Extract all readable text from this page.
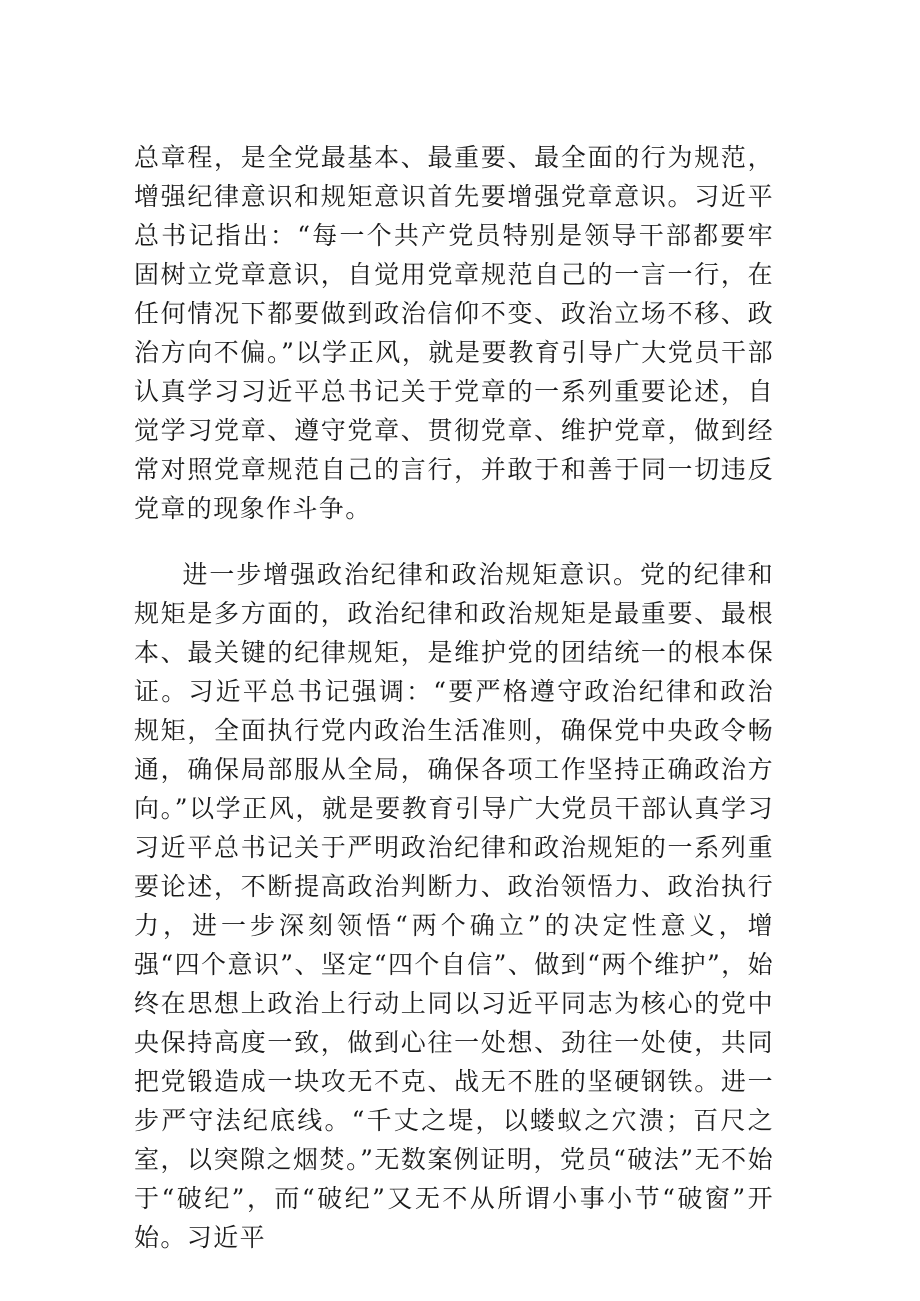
总章程，是全党最基本、最重要、最全面的行为规范，增强纪律意识和规矩意识首先要增强党章意识。习近平总书记指出：“每一个共产党员特别是领导干部都要牢固树立党章意识，自觉用党章规范自己的一言一行，在任何情况下都要做到政治信仰不变、政治立场不移、政治方向不偏。”以学正风，就是要教育引导广大党员干部认真学习习近平总书记关于党章的一系列重要论述，自觉学习党章、遵守党章、贯彻党章、维护党章，做到经常对照党章规范自己的言行，并敢于和善于同一切违反党章的现象作斗争。

进一步增强政治纪律和政治规矩意识。党的纪律和规矩是多方面的，政治纪律和政治规矩是最重要、最根本、最关键的纪律规矩，是维护党的团结统一的根本保证。习近平总书记强调：“要严格遵守政治纪律和政治规矩，全面执行党内政治生活准则，确保党中央政令畅通，确保局部服从全局，确保各项工作坚持正确政治方向。”以学正风，就是要教育引导广大党员干部认真学习习近平总书记关于严明政治纪律和政治规矩的一系列重要论述，不断提高政治判断力、政治领悟力、政治执行力，进一步深刻领悟“两个确立”的决定性意义，增强“四个意识”、坚定“四个自信”、做到“两个维护”，始终在思想上政治上行动上同以习近平同志为核心的党中央保持高度一致，做到心往一处想、劲往一处使，共同把党锻造成一块攻无不克、战无不胜的坚硬钢铁。进一步严守法纪底线。“千丈之堤，以蝼蚁之穴溃；百尺之室，以突隙之烟焚。”无数案例证明，党员“破法”无不始于“破纪”，而“破纪”又无不从所谓小事小节“破窗”开始。习近平
